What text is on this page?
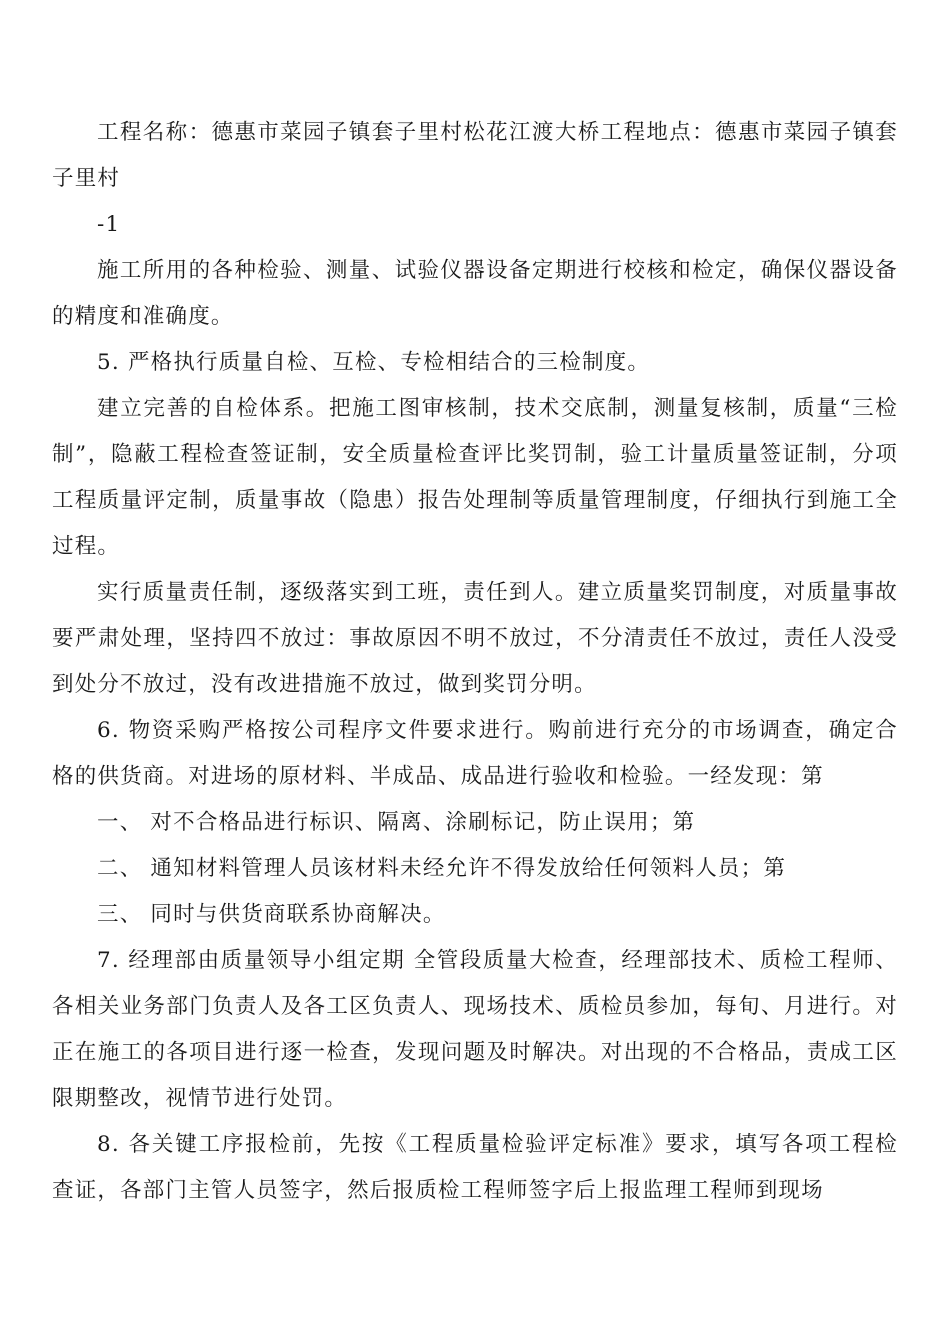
工程名称：德惠市菜园子镇套子里村松花江渡大桥工程地点：德惠市菜园子镇套子里村

-1

施工所用的各种检验、测量、试验仪器设备定期进行校核和检定，确保仪器设备的精度和准确度。

5. 严格执行质量自检、互检、专检相结合的三检制度。

建立完善的自检体系。把施工图审核制，技术交底制，测量复核制，质量“三检制”，隐蔽工程检查签证制，安全质量检查评比奖罚制，验工计量质量签证制，分项工程质量评定制，质量事故（隐患）报告处理制等质量管理制度，仔细执行到施工全过程。

实行质量责任制，逐级落实到工班，责任到人。建立质量奖罚制度，对质量事故要严肃处理，坚持四不放过：事故原因不明不放过，不分清责任不放过，责任人没受到处分不放过，没有改进措施不放过，做到奖罚分明。

6. 物资采购严格按公司程序文件要求进行。购前进行充分的市场调查，确定合格的供货商。对进场的原材料、半成品、成品进行验收和检验。一经发现：第

一、 对不合格品进行标识、隔离、涂刷标记，防止误用；第

二、 通知材料管理人员该材料未经允许不得发放给任何领料人员；第

三、 同时与供货商联系协商解决。

7. 经理部由质量领导小组定期 全管段质量大检查，经理部技术、质检工程师、各相关业务部门负责人及各工区负责人、现场技术、质检员参加，每旬、月进行。对正在施工的各项目进行逐一检查，发现问题及时解决。对出现的不合格品，责成工区限期整改，视情节进行处罚。

8. 各关键工序报检前，先按《工程质量检验评定标准》要求，填写各项工程检查证，各部门主管人员签字，然后报质检工程师签字后上报监理工程师到现场
